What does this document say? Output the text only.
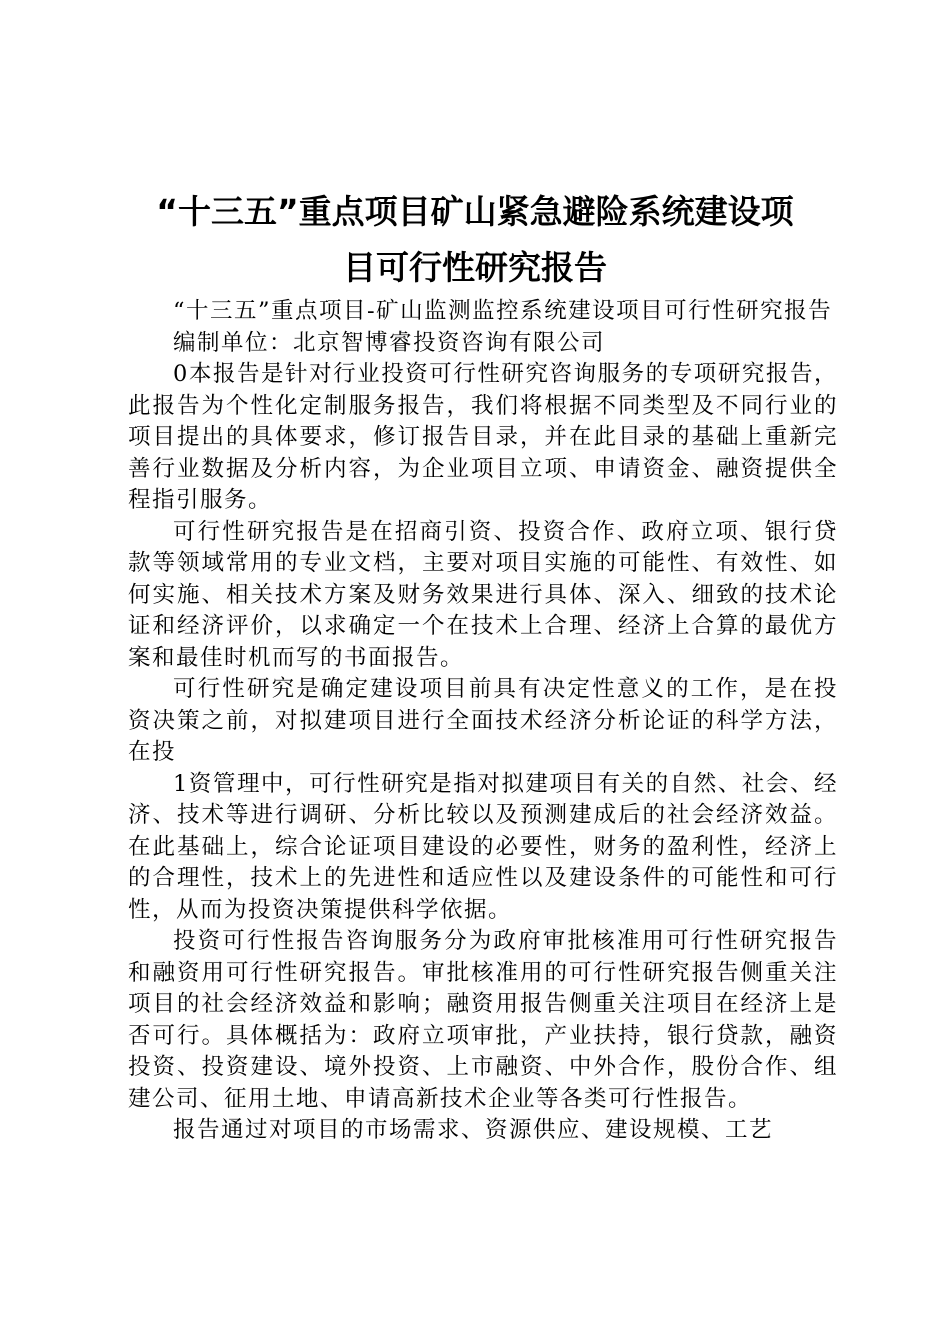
“十三五”重点项目矿山紧急避险系统建设项
目可行性研究报告

“十三五”重点项目-矿山监测监控系统建设项目可行性研究报告

编制单位：北京智博睿投资咨询有限公司

0本报告是针对行业投资可行性研究咨询服务的专项研究报告，此报告为个性化定制服务报告，我们将根据不同类型及不同行业的项目提出的具体要求，修订报告目录，并在此目录的基础上重新完善行业数据及分析内容，为企业项目立项、申请资金、融资提供全程指引服务。

可行性研究报告是在招商引资、投资合作、政府立项、银行贷款等领域常用的专业文档，主要对项目实施的可能性、有效性、如何实施、相关技术方案及财务效果进行具体、深入、细致的技术论证和经济评价，以求确定一个在技术上合理、经济上合算的最优方案和最佳时机而写的书面报告。

可行性研究是确定建设项目前具有决定性意义的工作，是在投资决策之前，对拟建项目进行全面技术经济分析论证的科学方法，在投

1资管理中，可行性研究是指对拟建项目有关的自然、社会、经济、技术等进行调研、分析比较以及预测建成后的社会经济效益。在此基础上，综合论证项目建设的必要性，财务的盈利性，经济上的合理性，技术上的先进性和适应性以及建设条件的可能性和可行性，从而为投资决策提供科学依据。

投资可行性报告咨询服务分为政府审批核准用可行性研究报告和融资用可行性研究报告。审批核准用的可行性研究报告侧重关注项目的社会经济效益和影响；融资用报告侧重关注项目在经济上是否可行。具体概括为：政府立项审批，产业扶持，银行贷款，融资投资、投资建设、境外投资、上市融资、中外合作，股份合作、组建公司、征用土地、申请高新技术企业等各类可行性报告。

报告通过对项目的市场需求、资源供应、建设规模、工艺
